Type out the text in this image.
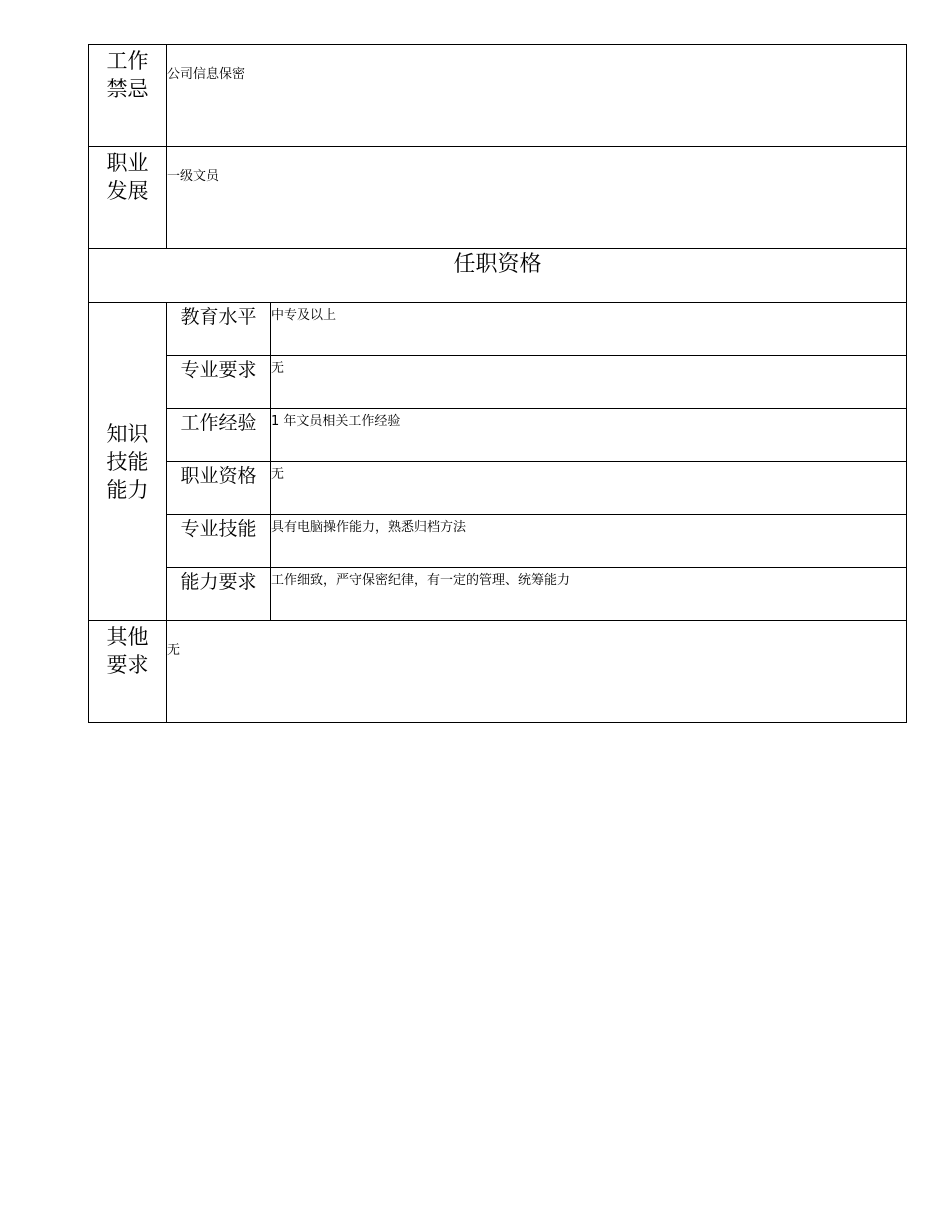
工作禁忌	公司信息保密	
职业发展	一级文员	
任职资格		
知识技能能力	教育水平	中专及以上
	专业要求	无
	工作经验	1 年文员相关工作经验
	职业资格	无
	专业技能	具有电脑操作能力，熟悉归档方法
	能力要求	工作细致，严守保密纪律，有一定的管理、统筹能力
其他要求	无	
